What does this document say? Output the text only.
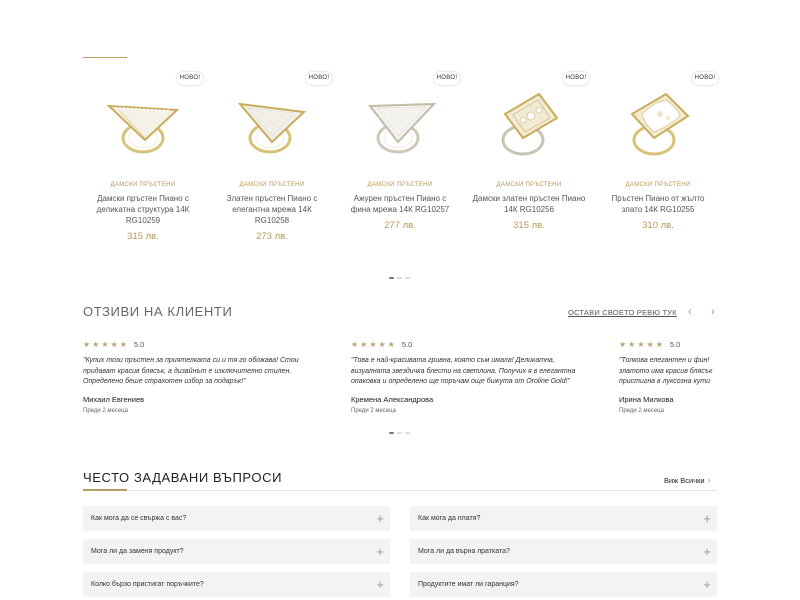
НОВО!
ДАМСКИ ПРЪСТЕНИ
Дамски пръстен Пиано с деликатна структура 14К RG10259
315 лв.
НОВО!
ДАМСКИ ПРЪСТЕНИ
Златен пръстен Пиано с елегантна мрежа 14К RG10258
273 лв.
НОВО!
ДАМСКИ ПРЪСТЕНИ
Ажурен пръстен Пиано с фина мрежа 14К RG10257
277 лв.
НОВО!
ДАМСКИ ПРЪСТЕНИ
Дамски златен пръстен Пиано 14К RG10256
315 лв.
НОВО!
ДАМСКИ ПРЪСТЕНИ
Пръстен Пиано от жълто злато 14К RG10255
310 лв.
ОТЗИВИ НА КЛИЕНТИ	ОСТАВИ СВОЕТО РЕВЮ ТУК ‹ ›
★ ★ ★ ★ ★ 5.0
"Купих този пръстен за приятелката си и тя го обожава! Стои
придават красив блясък, а дизайнът е изключително стилен.
Определено беше страхотен избор за подарък!"
Михаил Евгениев
Преди 2 месеца
★ ★ ★ ★ ★ 5.0
"Това е най-красивата гривна, която съм имала! Деликатна,
визуалната звездичка блести на светлина. Получих я в елегантна
опаковка и определено ще поръчам още бижута от Oroline Gold!"
Кремена Александрова
Преди 2 месеца
★ ★ ★ ★ ★ 5.0
"Толкова елегантен и фин!
златото има красив блясък
пристигна в луксозна кути
Ирина Милкова
Преди 2 месеца
ЧЕСТО ЗАДАВАНИ ВЪПРОСИ	Виж Всички ›
Как мога да се свържа с вас?	+	Как мога да платя?	+
Мога ли да заменя продукт?	+	Мога ли да върна пратката?	+
Колко бързо пристигат поръчките?	+	Продуктите имат ли гаранция?	+
